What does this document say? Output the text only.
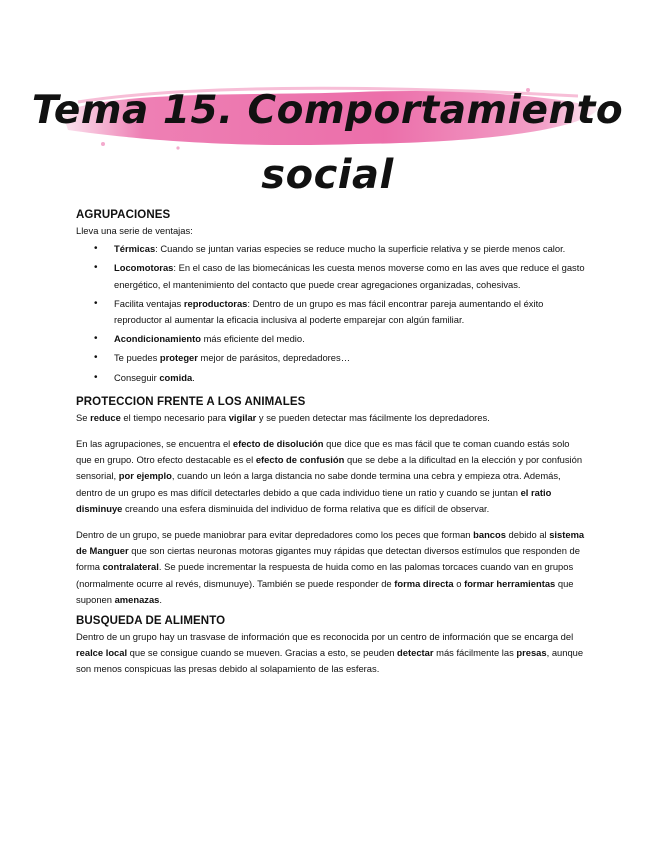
Tema 15. Comportamiento
social
AGRUPACIONES

Lleva una serie de ventajas:

• Térmicas: Cuando se juntan varias especies se reduce mucho la superficie relativa y se pierde menos calor.
• Locomotoras: En el caso de las biomecánicas les cuesta menos moverse como en las aves que reduce el gasto energético, el mantenimiento del contacto que puede crear agregaciones organizadas, cohesivas.
• Facilita ventajas reproductoras: Dentro de un grupo es mas fácil encontrar pareja aumentando el éxito reproductor al aumentar la eficacia inclusiva al poderte emparejar con algún familiar.
• Acondicionamiento más eficiente del medio.
• Te puedes proteger mejor de parásitos, depredadores…
• Conseguir comida.
PROTECCION FRENTE A LOS ANIMALES

Se reduce el tiempo necesario para vigilar y se pueden detectar mas fácilmente los depredadores.

En las agrupaciones, se encuentra el efecto de disolución que dice que es mas fácil que te coman cuando estás solo que en grupo. Otro efecto destacable es el efecto de confusión que se debe a la dificultad en la elección y por confusión sensorial, por ejemplo, cuando un león a larga distancia no sabe donde termina una cebra y empieza otra. Además, dentro de un grupo es mas difícil detectarles debido a que cada individuo tiene un ratio y cuando se juntan el ratio disminuye creando una esfera disminuida del individuo de forma relativa que es difícil de observar.

Dentro de un grupo, se puede maniobrar para evitar depredadores como los peces que forman bancos debido al sistema de Manguer que son ciertas neuronas motoras gigantes muy rápidas que detectan diversos estímulos que responden de forma contralateral. Se puede incrementar la respuesta de huida como en las palomas torcaces cuando van en grupos (normalmente ocurre al revés, dismunuye). También se puede responder de forma directa o formar herramientas que suponen amenazas.

BUSQUEDA DE ALIMENTO

Dentro de un grupo hay un trasvase de información que es reconocida por un centro de información que se encarga del realce local que se consigue cuando se mueven. Gracias a esto, se peuden detectar más fácilmente las presas, aunque son menos conspicuas las presas debido al solapamiento de las esferas.
